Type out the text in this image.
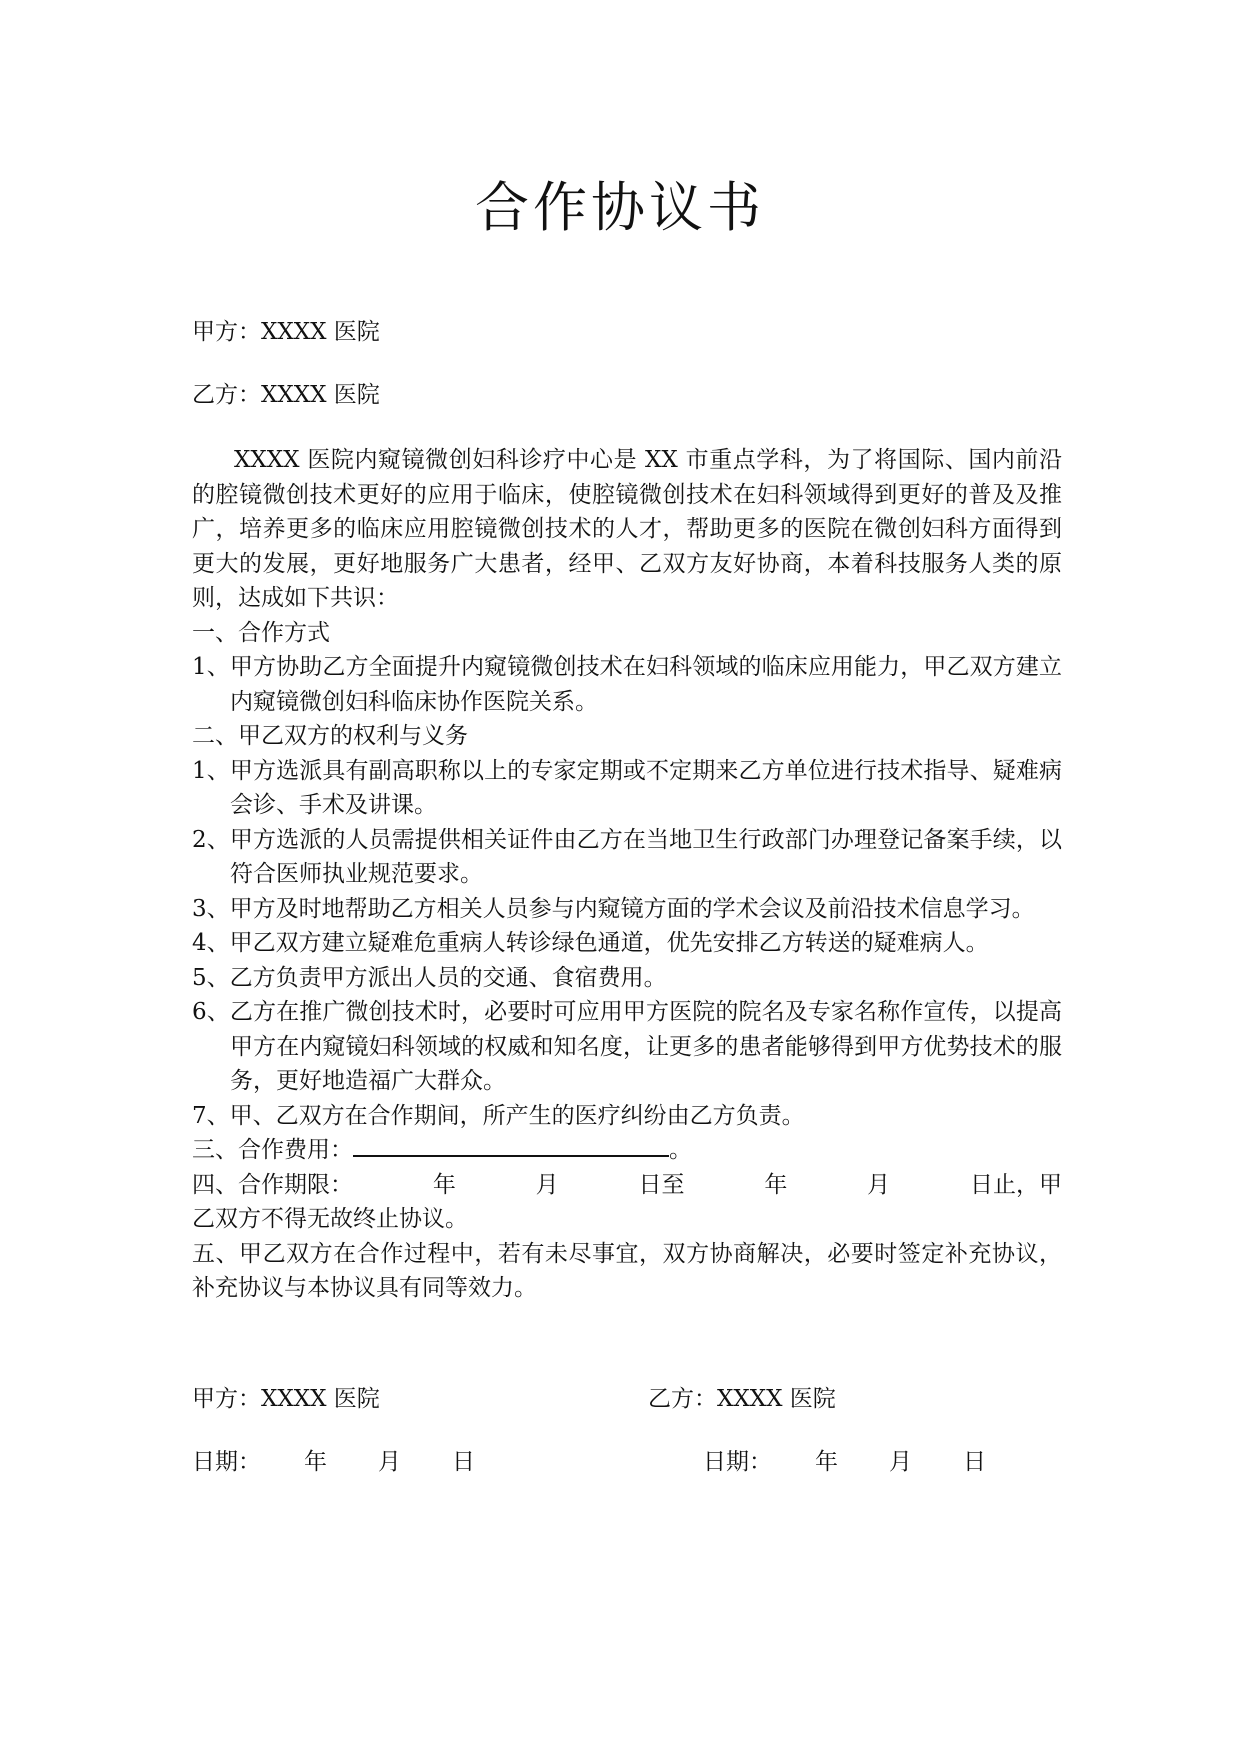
合作协议书
甲方：XXXX 医院
乙方：XXXX 医院
XXXX 医院内窥镜微创妇科诊疗中心是 XX 市重点学科，为了将国际、国内前沿的腔镜微创技术更好的应用于临床，使腔镜微创技术在妇科领域得到更好的普及及推广，培养更多的临床应用腔镜微创技术的人才，帮助更多的医院在微创妇科方面得到更大的发展，更好地服务广大患者，经甲、乙双方友好协商，本着科技服务人类的原则，达成如下共识：
一、合作方式
1、甲方协助乙方全面提升内窥镜微创技术在妇科领域的临床应用能力，甲乙双方建立内窥镜微创妇科临床协作医院关系。
二、甲乙双方的权利与义务
1、甲方选派具有副高职称以上的专家定期或不定期来乙方单位进行技术指导、疑难病会诊、手术及讲课。
2、甲方选派的人员需提供相关证件由乙方在当地卫生行政部门办理登记备案手续，以符合医师执业规范要求。
3、甲方及时地帮助乙方相关人员参与内窥镜方面的学术会议及前沿技术信息学习。
4、甲乙双方建立疑难危重病人转诊绿色通道，优先安排乙方转送的疑难病人。
5、乙方负责甲方派出人员的交通、食宿费用。
6、乙方在推广微创技术时，必要时可应用甲方医院的院名及专家名称作宣传，以提高甲方在内窥镜妇科领域的权威和知名度，让更多的患者能够得到甲方优势技术的服务，更好地造福广大群众。
7、甲、乙双方在合作期间，所产生的医疗纠纷由乙方负责。
三、合作费用：	。
四、合作期限：	年	月	日至	年	月	日止，甲
乙双方不得无故终止协议。
五、甲乙双方在合作过程中，若有未尽事宜，双方协商解决，必要时签定补充协议，补充协议与本协议具有同等效力。
甲方：XXXX 医院	乙方：XXXX 医院
日期：	年	月	日	日期：	年	月	日
